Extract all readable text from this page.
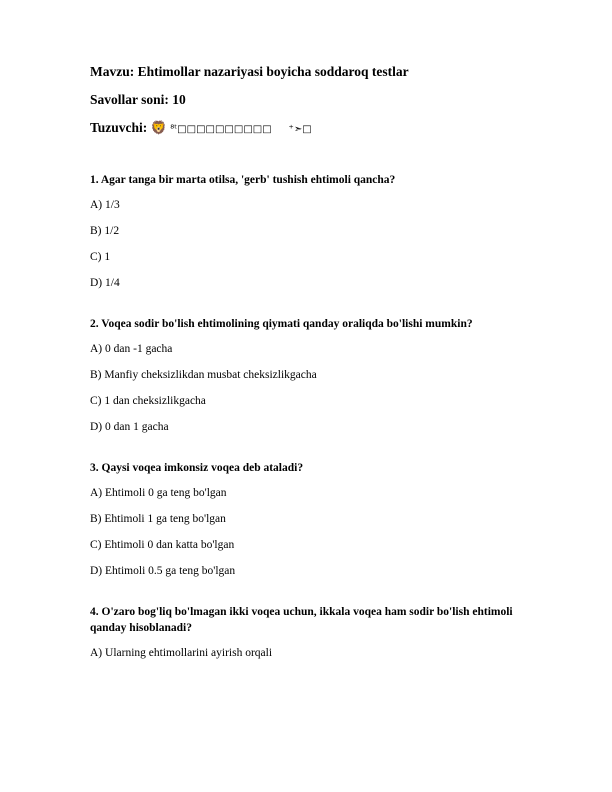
Mavzu: Ehtimollar nazariyasi boyicha soddaroq testlar

Savollar soni: 10

Tuzuvchi: 🦁 ⁸ᵗ□□□□□□□□□□ ⁺➣□

1. Agar tanga bir marta otilsa, 'gerb' tushish ehtimoli qancha?

A) 1/3

B) 1/2

C) 1

D) 1/4

2. Voqea sodir bo'lish ehtimolining qiymati qanday oraliqda bo'lishi mumkin?

A) 0 dan -1 gacha

B) Manfiy cheksizlikdan musbat cheksizlikgacha

C) 1 dan cheksizlikgacha

D) 0 dan 1 gacha

3. Qaysi voqea imkonsiz voqea deb ataladi?

A) Ehtimoli 0 ga teng bo'lgan

B) Ehtimoli 1 ga teng bo'lgan

C) Ehtimoli 0 dan katta bo'lgan

D) Ehtimoli 0.5 ga teng bo'lgan

4. O'zaro bog'liq bo'lmagan ikki voqea uchun, ikkala voqea ham sodir bo'lish ehtimoli qanday hisoblanadi?

A) Ularning ehtimollarini ayirish orqali
